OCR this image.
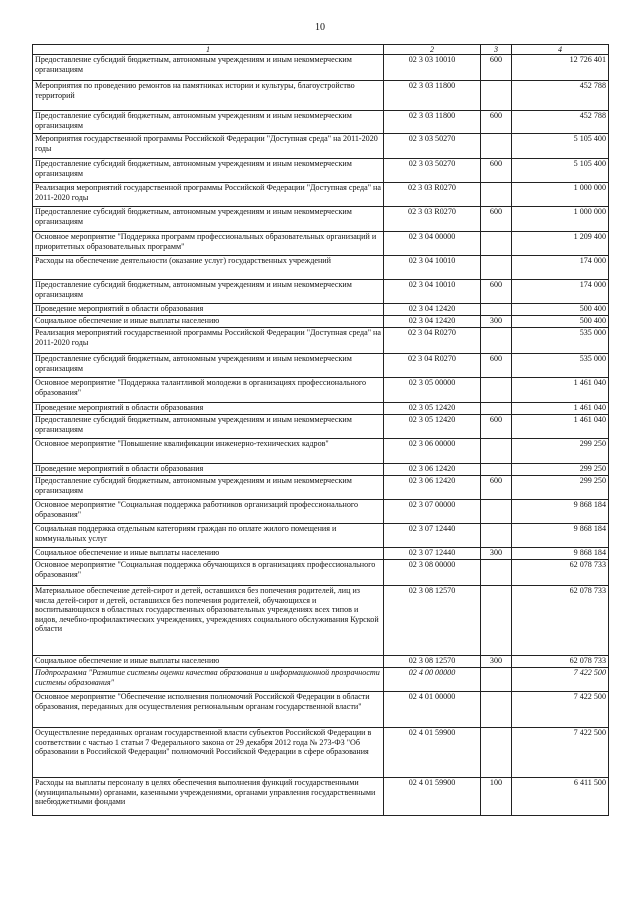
10
1	2	3	4
Предоставление субсидий бюджетным, автономным учреждениям и иным некоммерческим организациям	02 3 03 10010	600	12 726 401
Мероприятия по проведению ремонтов на памятниках истории и культуры, благоустройство территорий	02 3 03 11800		452 788
Предоставление субсидий бюджетным, автономным учреждениям и иным некоммерческим организациям	02 3 03 11800	600	452 788
Мероприятия государственной программы Российской Федерации "Доступная среда" на 2011-2020 годы	02 3 03 50270		5 105 400
Предоставление субсидий бюджетным, автономным учреждениям и иным некоммерческим организациям	02 3 03 50270	600	5 105 400
Реализация мероприятий государственной программы Российской Федерации "Доступная среда" на 2011-2020 годы	02 3 03 R0270		1 000 000
Предоставление субсидий бюджетным, автономным учреждениям и иным некоммерческим организациям	02 3 03 R0270	600	1 000 000
Основное мероприятие "Поддержка программ профессиональных образовательных организаций и приоритетных образовательных программ"	02 3 04 00000		1 209 400
Расходы на обеспечение деятельности (оказание услуг) государственных учреждений	02 3 04 10010		174 000
Предоставление субсидий бюджетным, автономным учреждениям и иным некоммерческим организациям	02 3 04 10010	600	174 000
Проведение мероприятий в области образования	02 3 04 12420		500 400
Социальное обеспечение и иные выплаты населению	02 3 04 12420	300	500 400
Реализация мероприятий государственной программы Российской Федерации "Доступная среда" на 2011-2020 годы	02 3 04 R0270		535 000
Предоставление субсидий бюджетным, автономным учреждениям и иным некоммерческим организациям	02 3 04 R0270	600	535 000
Основное мероприятие "Поддержка талантливой молодежи в организациях профессионального образования"	02 3 05 00000		1 461 040
Проведение мероприятий в области образования	02 3 05 12420		1 461 040
Предоставление субсидий бюджетным, автономным учреждениям и иным некоммерческим организациям	02 3 05 12420	600	1 461 040
Основное мероприятие "Повышение квалификации инженерно-технических кадров"	02 3 06 00000		299 250
Проведение мероприятий в области образования	02 3 06 12420		299 250
Предоставление субсидий бюджетным, автономным учреждениям и иным некоммерческим организациям	02 3 06 12420	600	299 250
Основное мероприятие "Социальная поддержка работников организаций профессионального образования"	02 3 07 00000		9 868 184
Социальная поддержка отдельным категориям граждан по оплате жилого помещения и коммунальных услуг	02 3 07 12440		9 868 184
Социальное обеспечение и иные выплаты населению	02 3 07 12440	300	9 868 184
Основное мероприятие "Социальная поддержка обучающихся в организациях профессионального образования"	02 3 08 00000		62 078 733
Материальное обеспечение детей-сирот и детей, оставшихся без попечения родителей, лиц из числа детей-сирот и детей, оставшихся без попечения родителей, обучающихся и воспитывающихся в областных государственных образовательных учреждениях всех типов и видов, лечебно-профилактических учреждениях, учреждениях социального обслуживания Курской области	02 3 08 12570		62 078 733
Социальное обеспечение и иные выплаты населению	02 3 08 12570	300	62 078 733
Подпрограмма "Развитие системы оценки качества образования и информационной прозрачности системы образования"	02 4 00 00000		7 422 500
Основное мероприятие "Обеспечение исполнения полномочий Российской Федерации в области образования, переданных для осуществления региональным органам государственной власти"	02 4 01 00000		7 422 500
Осуществление переданных органам государственной власти субъектов Российской Федерации в соответствии с частью 1 статьи 7 Федерального закона от 29 декабря 2012 года № 273-ФЗ "Об образовании в Российской Федерации" полномочий Российской Федерации в сфере образования	02 4 01 59900		7 422 500
Расходы на выплаты персоналу в целях обеспечения выполнения функций государственными (муниципальными) органами, казенными учреждениями, органами управления государственными внебюджетными фондами	02 4 01 59900	100	6 411 500
